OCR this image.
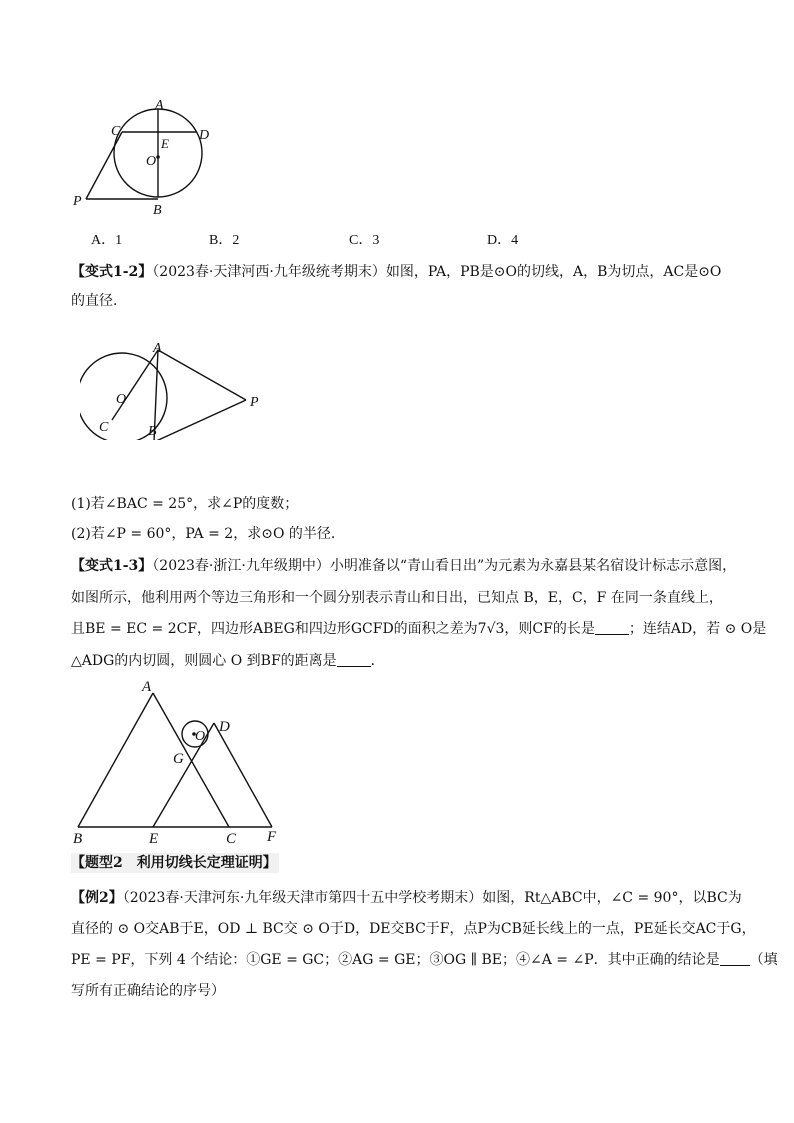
A
C	D
E
O
P
B
A．1	B．2	C．3	D．4
【变式1-2】（2023春·天津河西·九年级统考期末）如图，PA，PB是⊙O的切线，A，B为切点，AC是⊙O
的直径．
A
O	P
C	B
(1)若∠BAC = 25°，求∠P的度数；
(2)若∠P = 60°，PA = 2，求⊙O 的半径．
【变式1-3】（2023春·浙江·九年级期中）小明准备以“青山看日出”为元素为永嘉县某名宿设计标志示意图，
如图所示，他利用两个等边三角形和一个圆分别表示青山和日出，已知点 B，E，C，F 在同一条直线上，
且BE = EC = 2CF，四边形ABEG和四边形GCFD的面积之差为7√3，则CF的长是 ；连结AD，若 ⊙ O是
△ADG的内切圆，则圆心 O 到BF的距离是 ．
A
O
D
G
B	E	C F
【题型2　利用切线长定理证明】
【例2】（2023春·天津河东·九年级天津市第四十五中学校考期末）如图，Rt△ABC中，∠C = 90°，以BC为
直径的 ⊙ O交AB于E，OD ⊥ BC交 ⊙ O于D，DE交BC于F，点P为CB延长线上的一点，PE延长交AC于G，
PE = PF，下列 4 个结论：①GE = GC；②AG = GE；③OG ∥ BE；④∠A = ∠P．其中正确的结论是 （填
写所有正确结论的序号）
